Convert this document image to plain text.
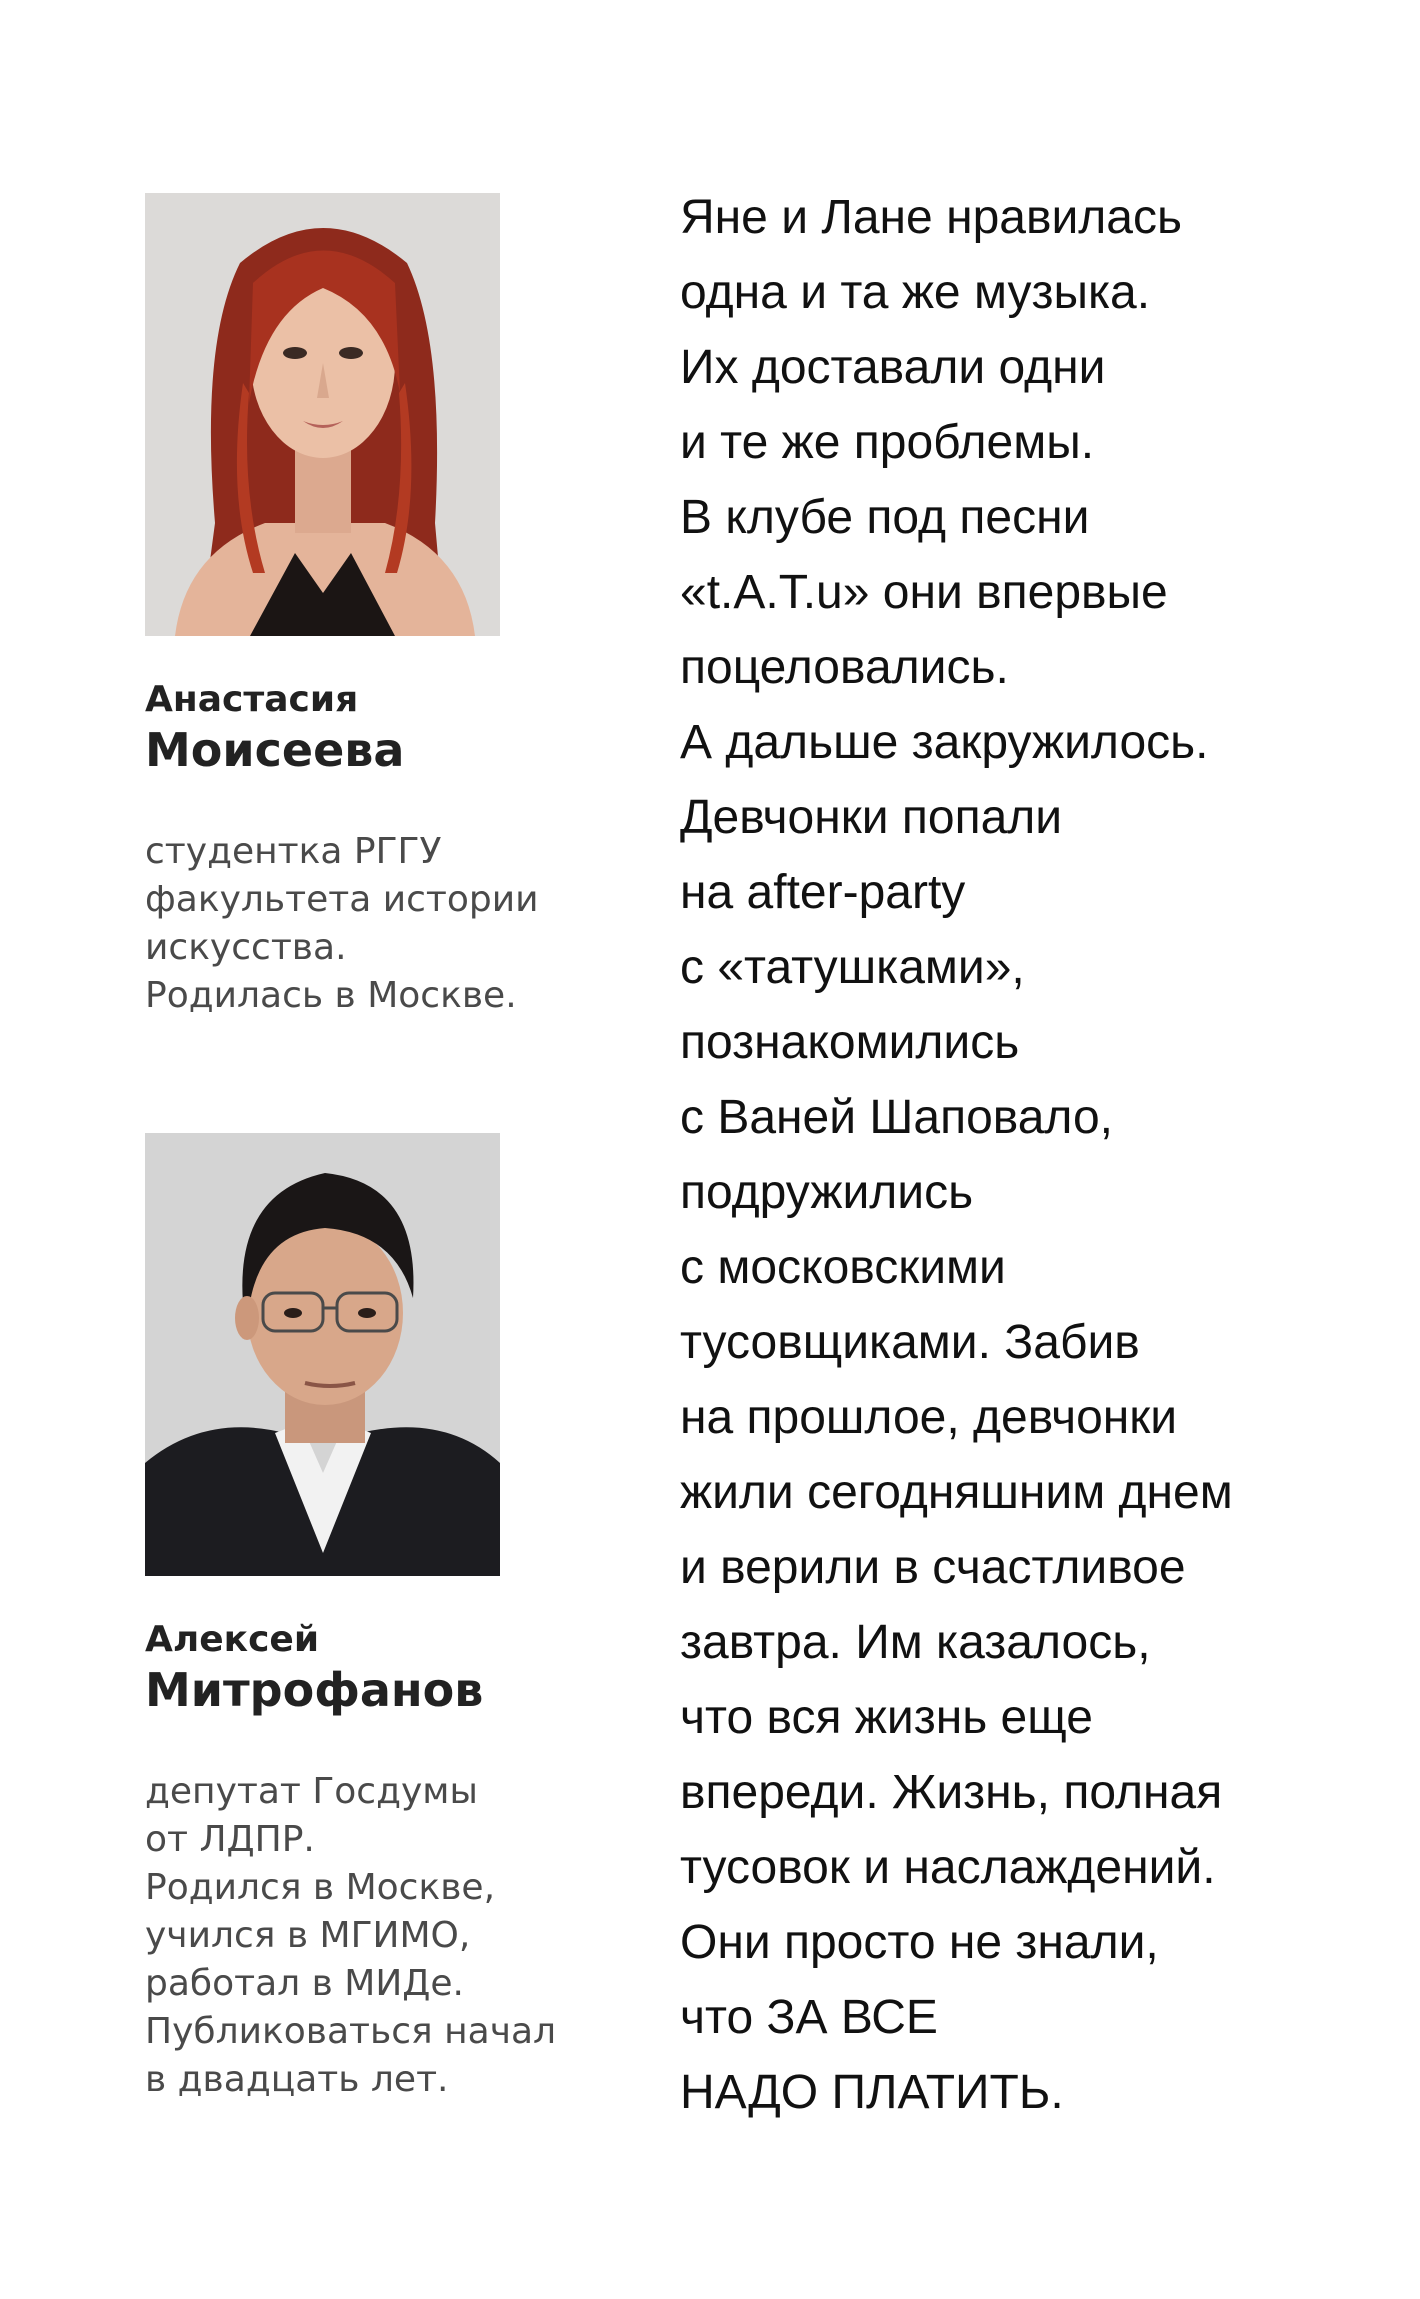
Анастасия
Моисеева
студентка РГГУ
факультета истории
искусства.
Родилась в Москве.
Алексей
Митрофанов
депутат Госдумы
от ЛДПР.
Родился в Москве,
учился в МГИМО,
работал в МИДе.
Публиковаться начал
в двадцать лет.
Яне и Лане нравилась
одна и та же музыка.
Их доставали одни
и те же проблемы.
В клубе под песни
«t.A.T.u» они впервые
поцеловались.
А дальше закружилось.
Девчонки попали
на after-party
с «татушками»,
познакомились
с Ваней Шаповало,
подружились
с московскими
тусовщиками. Забив
на прошлое, девчонки
жили сегодняшним днем
и верили в счастливое
завтра. Им казалось,
что вся жизнь еще
впереди. Жизнь, полная
тусовок и наслаждений.
Они просто не знали,
что ЗА ВСЕ
НАДО ПЛАТИТЬ.
